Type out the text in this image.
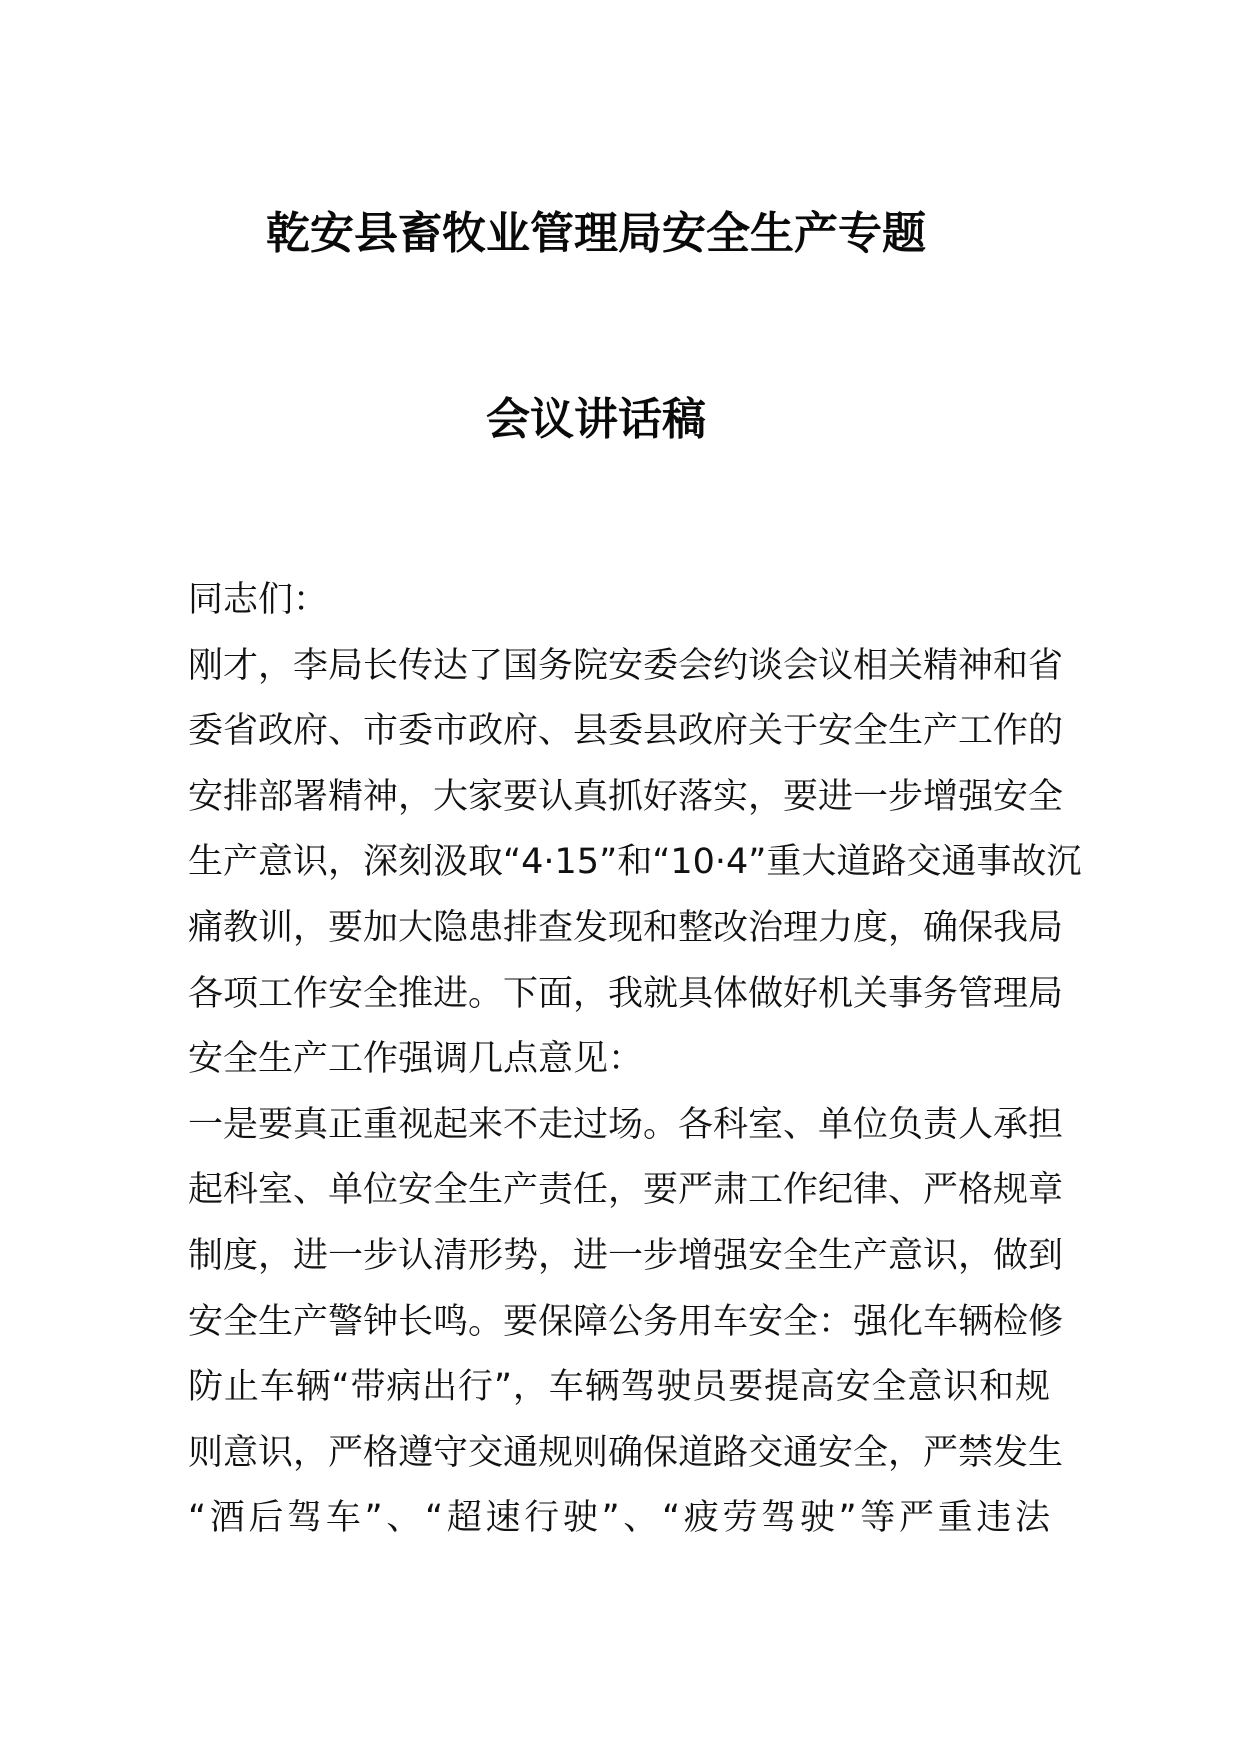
乾安县畜牧业管理局安全生产专题
会议讲话稿
同志们：
刚才，李局长传达了国务院安委会约谈会议相关精神和省
委省政府、市委市政府、县委县政府关于安全生产工作的
安排部署精神，大家要认真抓好落实，要进一步增强安全
生产意识，深刻汲取“4·15”和“10·4”重大道路交通事故沉
痛教训，要加大隐患排查发现和整改治理力度，确保我局
各项工作安全推进。下面，我就具体做好机关事务管理局
安全生产工作强调几点意见：
一是要真正重视起来不走过场。各科室、单位负责人承担
起科室、单位安全生产责任，要严肃工作纪律、严格规章
制度，进一步认清形势，进一步增强安全生产意识，做到
安全生产警钟长鸣。要保障公务用车安全：强化车辆检修
防止车辆“带病出行”，车辆驾驶员要提高安全意识和规
则意识，严格遵守交通规则确保道路交通安全，严禁发生
“酒后驾车”、“超速行驶”、“疲劳驾驶”等严重违法
